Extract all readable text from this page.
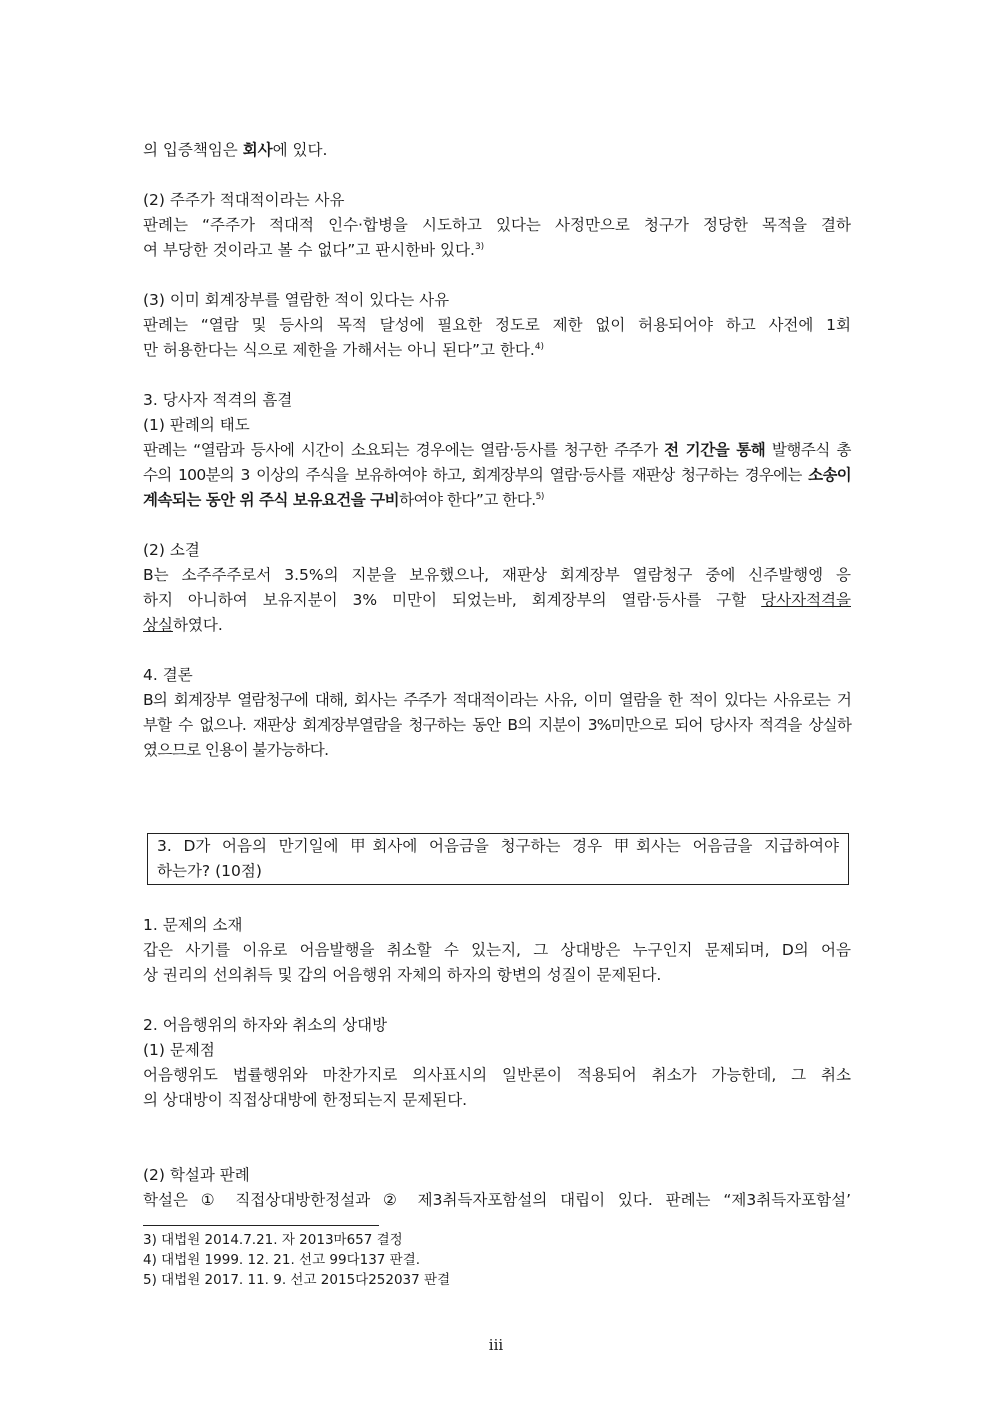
의 입증책임은 회사에 있다.
(2) 주주가 적대적이라는 사유
판례는 “주주가 적대적 인수·합병을 시도하고 있다는 사정만으로 청구가 정당한 목적을 결하
여 부당한 것이라고 볼 수 없다”고 판시한바 있다.$^{3)}$
(3) 이미 회계장부를 열람한 적이 있다는 사유
판례는 “열람 및 등사의 목적 달성에 필요한 정도로 제한 없이 허용되어야 하고 사전에 1회
만 허용한다는 식으로 제한을 가해서는 아니 된다”고 한다.$^{4)}$
3. 당사자 적격의 흠결
(1) 판례의 태도
판례는 “열람과 등사에 시간이 소요되는 경우에는 열람·등사를 청구한 주주가 전 기간을 통해 발행주식 총
수의 100분의 3 이상의 주식을 보유하여야 하고, 회계장부의 열람·등사를 재판상 청구하는 경우에는 소송이
계속되는 동안 위 주식 보유요건을 구비하여야 한다”고 한다.$^{5)}$
(2) 소결
B는 소주주주로서 3.5%의 지분을 보유했으나, 재판상 회계장부 열람청구 중에 신주발행엥 응
하지 아니하여 보유지분이 3% 미만이 되었는바, 회계장부의 열람·등사를 구할 당사자적격을
상실하였다.
4. 결론
B의 회계장부 열람청구에 대해, 회사는 주주가 적대적이라는 사유, 이미 열람을 한 적이 있다는 사유로는 거
부할 수 없으나. 재판상 회계장부열람을 청구하는 동안 B의 지분이 3%미만으로 되어 당사자 적격을 상실하
였으므로 인용이 불가능하다.
3. D가 어음의 만기일에 甲회사에 어음금을 청구하는 경우 甲회사는 어음금을 지급하여야
하는가? (10점)
1. 문제의 소재
갑은 사기를 이유로 어음발행을 취소할 수 있는지, 그 상대방은 누구인지 문제되며, D의 어음
상 권리의 선의취득 및 갑의 어음행위 자체의 하자의 항변의 성질이 문제된다.
2. 어음행위의 하자와 취소의 상대방
(1) 문제점
어음행위도 법률행위와 마찬가지로 의사표시의 일반론이 적용되어 취소가 가능한데, 그 취소
의 상대방이 직접상대방에 한정되는지 문제된다.
(2) 학설과 판례
학설은 ① 직접상대방한정설과 ② 제3취득자포함설의 대립이 있다. 판례는 “제3취득자포함설’
3) 대법원 2014.7.21. 자 2013마657 결정
4) 대법원 1999. 12. 21. 선고 99다137 판결.
5) 대법원 2017. 11. 9. 선고 2015다252037 판결
iii
